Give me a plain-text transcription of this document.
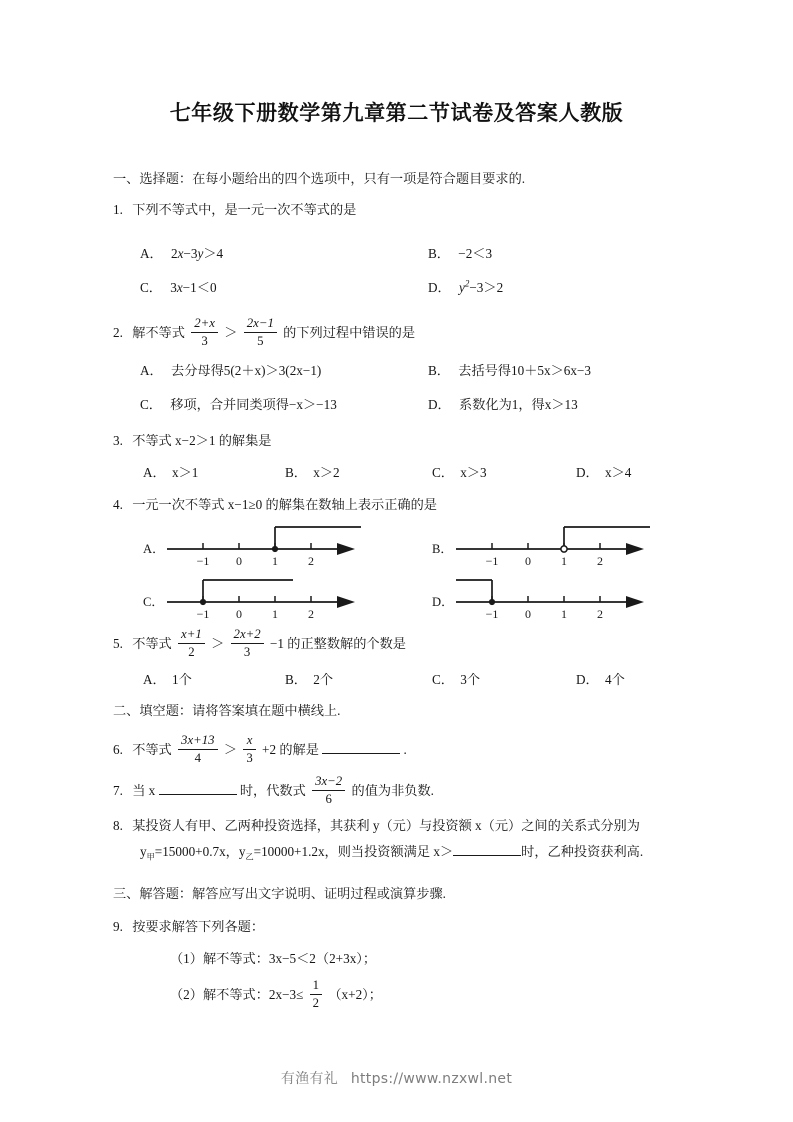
七年级下册数学第九章第二节试卷及答案人教版
一、选择题：在每小题给出的四个选项中，只有一项是符合题目要求的.
1. 下列不等式中，是一元一次不等式的是
A． 2x−3y＞4	B． −2＜3
C． 3x−1＜0	D． $y^2-3>2$
2. 解不等式 $\frac{2+x}{3} > \frac{2x-1}{5}$ 的下列过程中错误的是
A． 去分母得5(2＋x)＞3(2x−1)	B． 去括号得10＋5x＞6x−3
C． 移项，合并同类项得−x＞−13	D． 系数化为1，得x＞13
3. 不等式 x−2＞1 的解集是
A． x＞1	B． x＞2	C． x＞3	D． x＞4
4. 一元一次不等式 x−1≥0 的解集在数轴上表示正确的是
A．
−1 0	1	2
B．
−1 0	1	2
C．
−1 0	1	2
D．
−1 0	1	2
5. 不等式 $\frac{x+1}{2} > \frac{2x+2}{3} -1$ 的正整数解的个数是
A． 1个	B． 2个	C． 3个	D． 4个
二、填空题：请将答案填在题中横线上.
6. 不等式 $\frac{3x+13}{4} > \frac{x}{3} +2$ 的解是	.
7. 当 x	时，代数式 $\frac{3x-2}{6}$ 的值为非负数.
8. 某投资人有甲、乙两种投资选择，其获利 y（元）与投资额 x（元）之间的关系式分别为
$y_甲=15000+0.7x$，$y_乙=10000+1.2x$，则当投资额满足 x＞	时，乙种投资获利高.
三、解答题：解答应写出文字说明、证明过程或演算步骤.
9. 按要求解答下列各题：
（1）解不等式：3x−5＜2（2+3x）；
（2）解不等式：$2x-3\le \frac{1}{2} (x+2)$；
有渔有礼 https://www.nzxwl.net
